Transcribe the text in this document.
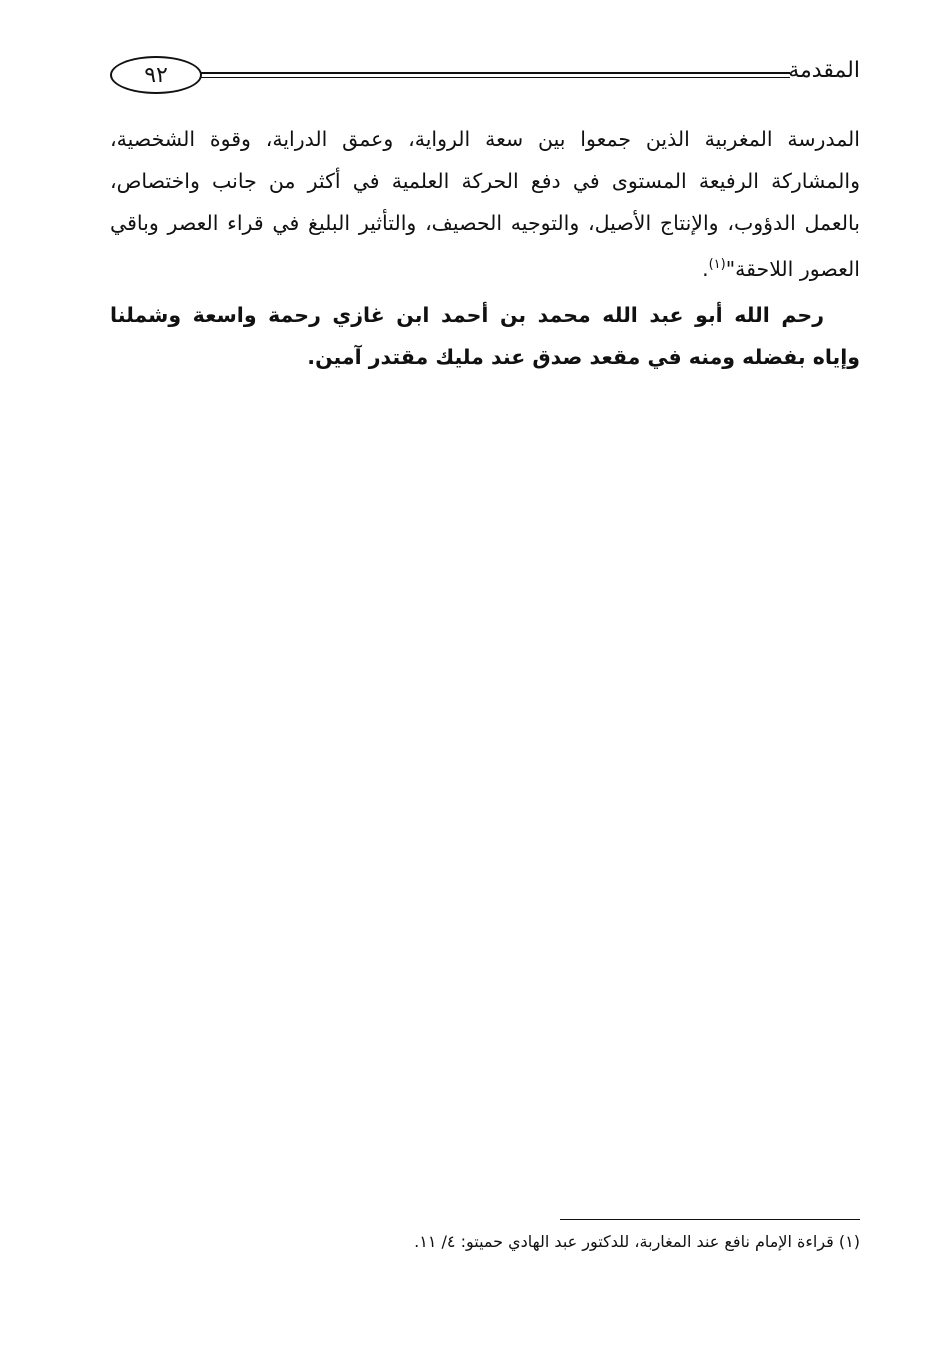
٩٢	المقدمة

المدرسة المغربية الذين جمعوا بين سعة الرواية، وعمق الدراية، وقوة الشخصية، والمشاركة الرفيعة المستوى في دفع الحركة العلمية في أكثر من جانب واختصاص، بالعمل الدؤوب، والإنتاج الأصيل، والتوجيه الحصيف، والتأثير البليغ في قراء العصر وباقي العصور اللاحقة"$^{(١)}$.

رحم الله أبو عبد الله محمد بن أحمد ابن غازي رحمة واسعة وشملنا وإياه بفضله ومنه في مقعد صدق عند مليك مقتدر آمين.

(١) قراءة الإمام نافع عند المغاربة، للدكتور عبد الهادي حميتو: ٤/ ١١.
